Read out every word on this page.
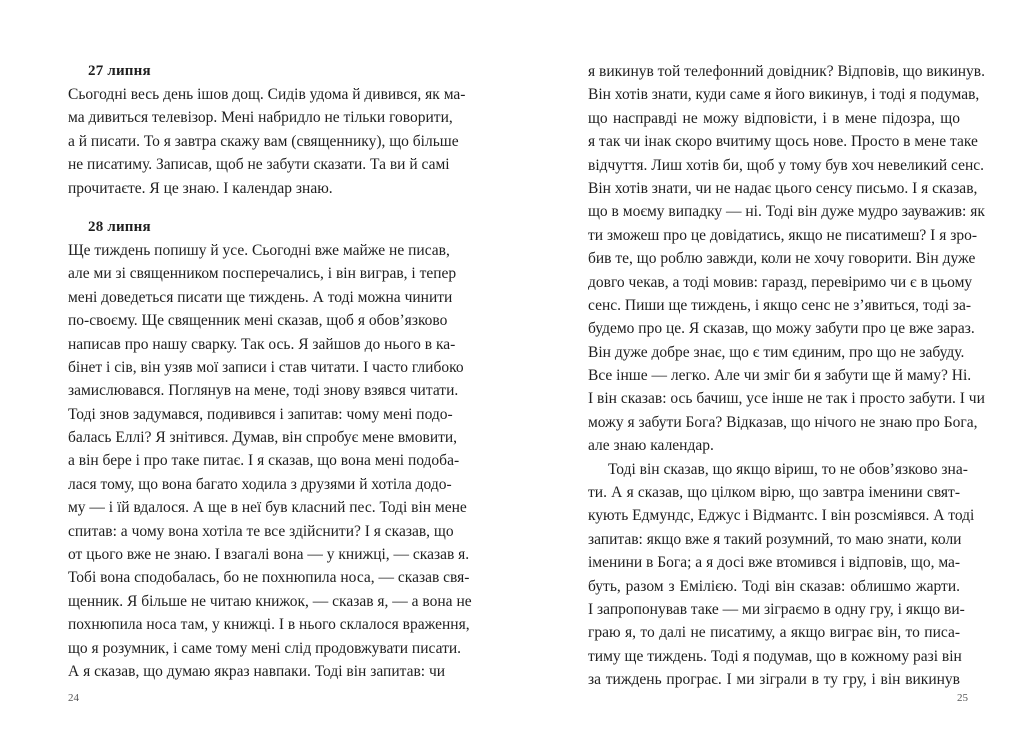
27 липня
Сьогодні весь день ішов дощ. Сидів удома й дивився, як ма-
ма дивиться телевізор. Мені набридло не тільки говорити,
а й писати. То я завтра скажу вам (священнику), що більше
не писатиму. Записав, щоб не забути сказати. Та ви й самі
прочитаєте. Я це знаю. І календар знаю.
28 липня
Ще тиждень попишу й усе. Сьогодні вже майже не писав,
але ми зі священником посперечались, і він виграв, і тепер
мені доведеться писати ще тиждень. А тоді можна чинити
по-своєму. Ще священник мені сказав, щоб я обов’язково
написав про нашу сварку. Так ось. Я зайшов до нього в ка-
бінет і сів, він узяв мої записи і став читати. І часто глибоко
замислювався. Поглянув на мене, тоді знову взявся читати.
Тоді знов задумався, подивився і запитав: чому мені подо-
балась Еллі? Я знітився. Думав, він спробує мене вмовити,
а він бере і про таке питає. І я сказав, що вона мені подоба-
лася тому, що вона багато ходила з друзями й хотіла додо-
му — і їй вдалося. А ще в неї був класний пес. Тоді він мене
спитав: а чому вона хотіла те все здійснити? І я сказав, що
от цього вже не знаю. І взагалі вона — у книжці, — сказав я.
Тобі вона сподобалась, бо не похнюпила носа, — сказав свя-
щенник. Я більше не читаю книжок, — сказав я, — а вона не
похнюпила носа там, у книжці. І в нього склалося враження,
що я розумник, і саме тому мені слід продовжувати писати.
А я сказав, що думаю якраз навпаки. Тоді він запитав: чи
24
я викинув той телефонний довідник? Відповів, що викинув.
Він хотів знати, куди саме я його викинув, і тоді я подумав,
що насправді не можу відповісти, і в мене підозра, що
я так чи інак скоро вчитиму щось нове. Просто в мене таке
відчуття. Лиш хотів би, щоб у тому був хоч невеликий сенс.
Він хотів знати, чи не надає цього сенсу письмо. І я сказав,
що в моєму випадку — ні. Тоді він дуже мудро зауважив: як
ти зможеш про це довідатись, якщо не писатимеш? І я зро-
бив те, що роблю завжди, коли не хочу говорити. Він дуже
довго чекав, а тоді мовив: гаразд, перевіримо чи є в цьому
сенс. Пиши ще тиждень, і якщо сенс не з’явиться, тоді за-
будемо про це. Я сказав, що можу забути про це вже зараз.
Він дуже добре знає, що є тим єдиним, про що не забуду.
Все інше — легко. Але чи зміг би я забути ще й маму? Ні.
І він сказав: ось бачиш, усе інше не так і просто забути. І чи
можу я забути Бога? Відказав, що нічого не знаю про Бога,
але знаю календар.
Тоді він сказав, що якщо віриш, то не обов’язково зна-
ти. А я сказав, що цілком вірю, що завтра іменини свят-
кують Едмундс, Еджус і Відмантс. І він розсміявся. А тоді
запитав: якщо вже я такий розумний, то маю знати, коли
іменини в Бога; а я досі вже втомився і відповів, що, ма-
буть, разом з Емілією. Тоді він сказав: облишмо жарти.
І запропонував таке — ми зіграємо в одну гру, і якщо ви-
граю я, то далі не писатиму, а якщо виграє він, то писа-
тиму ще тиждень. Тоді я подумав, що в кожному разі він
за тиждень програє. І ми зіграли в ту гру, і він викинув
25
